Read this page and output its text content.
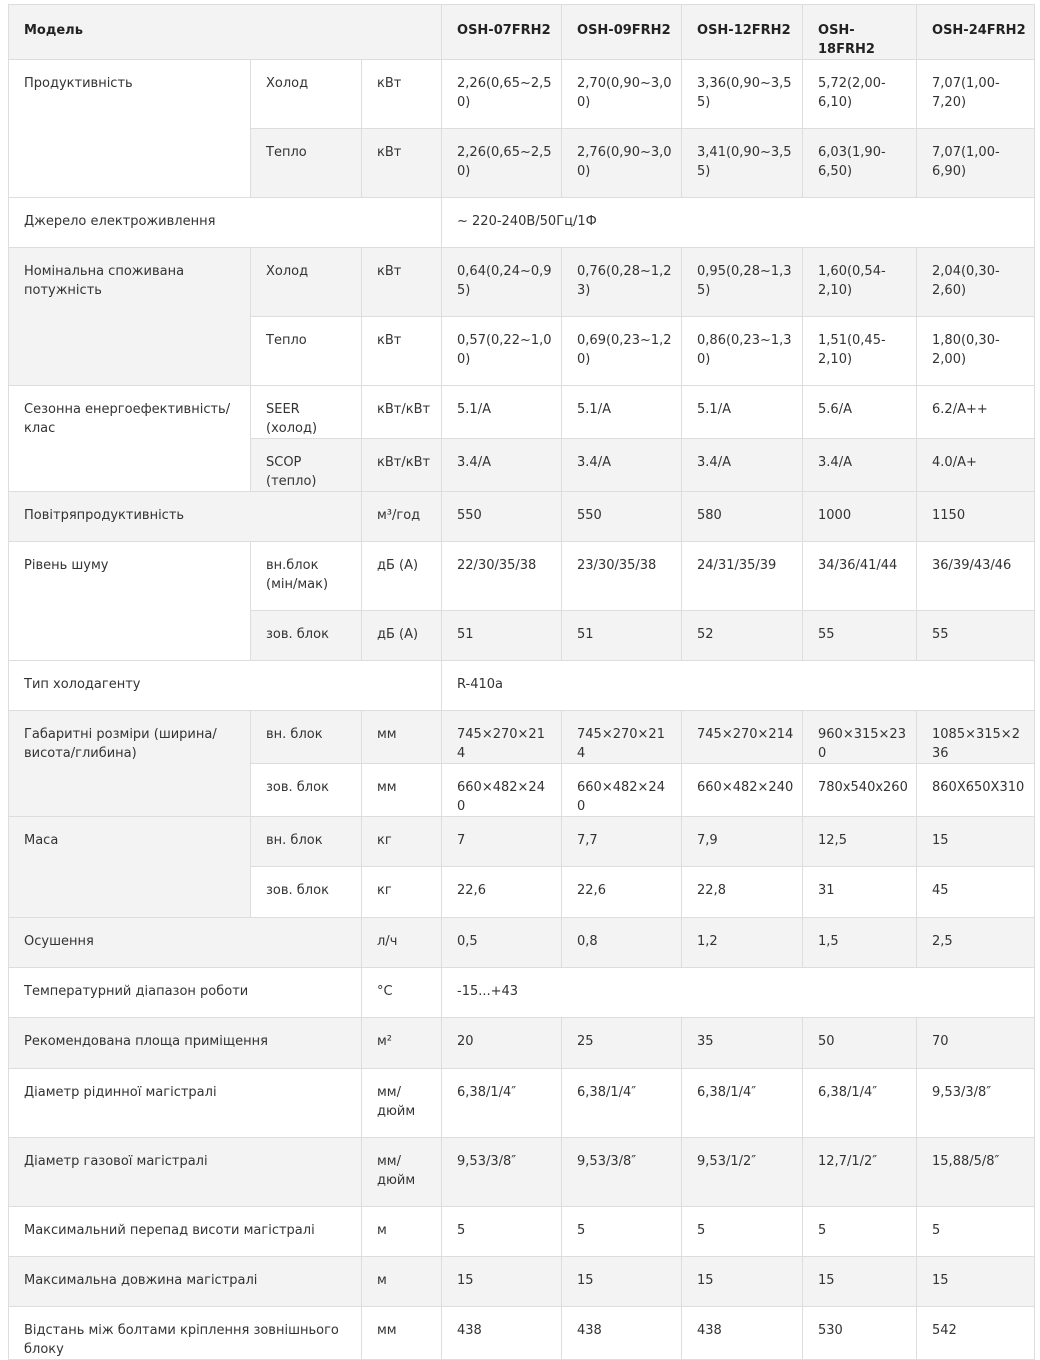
Модель			OSH-07FRH2	OSH-09FRH2	OSH-12FRH2	OSH-18FRH2	OSH-24FRH2
Продуктивність	Холод	кВт	2,26(0,65~2,50)	2,70(0,90~3,00)	3,36(0,90~3,55)	5,72(2,00-6,10)	7,07(1,00-7,20)
	Тепло	кВт	2,26(0,65~2,50)	2,76(0,90~3,00)	3,41(0,90~3,55)	6,03(1,90-6,50)	7,07(1,00-6,90)
Джерело електроживлення			~ 220-240В/50Гц/1Ф				
Номінальна споживана потужність	Холод	кВт	0,64(0,24~0,95)	0,76(0,28~1,23)	0,95(0,28~1,35)	1,60(0,54-2,10)	2,04(0,30-2,60)
	Тепло	кВт	0,57(0,22~1,00)	0,69(0,23~1,20)	0,86(0,23~1,30)	1,51(0,45-2,10)	1,80(0,30-2,00)
Сезонна енергоефективність/клас	SEER (холод)	кВт/кВт	5.1/A	5.1/A	5.1/A	5.6/A	6.2/A++
	SCOP (тепло)	кВт/кВт	3.4/A	3.4/A	3.4/A	3.4/A	4.0/A+
Повітряпродуктивність		м³/год	550	550	580	1000	1150
Рівень шуму	вн.блок (мін/мак)	дБ (А)	22/30/35/38	23/30/35/38	24/31/35/39	34/36/41/44	36/39/43/46
	зов. блок	дБ (А)	51	51	52	55	55
Тип холодагенту			R-410a				
Габаритні розміри (ширина/висота/глибина)	вн. блок	мм	745×270×214	745×270×214	745×270×214	960×315×230	1085×315×236
	зов. блок	мм	660×482×240	660×482×240	660×482×240	780x540x260	860X650X310
Маса	вн. блок	кг	7	7,7	7,9	12,5	15
	зов. блок	кг	22,6	22,6	22,8	31	45
Осушення		л/ч	0,5	0,8	1,2	1,5	2,5
Температурний діапазон роботи		°С	-15...+43				
Рекомендована площа приміщення		м²	20	25	35	50	70
Діаметр рідинної магістралі		мм/дюйм	6,38/1/4″	6,38/1/4″	6,38/1/4″	6,38/1/4″	9,53/3/8″
Діаметр газової магістралі		мм/дюйм	9,53/3/8″	9,53/3/8″	9,53/1/2″	12,7/1/2″	15,88/5/8″
Максимальний перепад висоти магістралі		м	5	5	5	5	5
Максимальна довжина магістралі		м	15	15	15	15	15
Відстань між болтами кріплення зовнішнього блоку		мм	438	438	438	530	542
